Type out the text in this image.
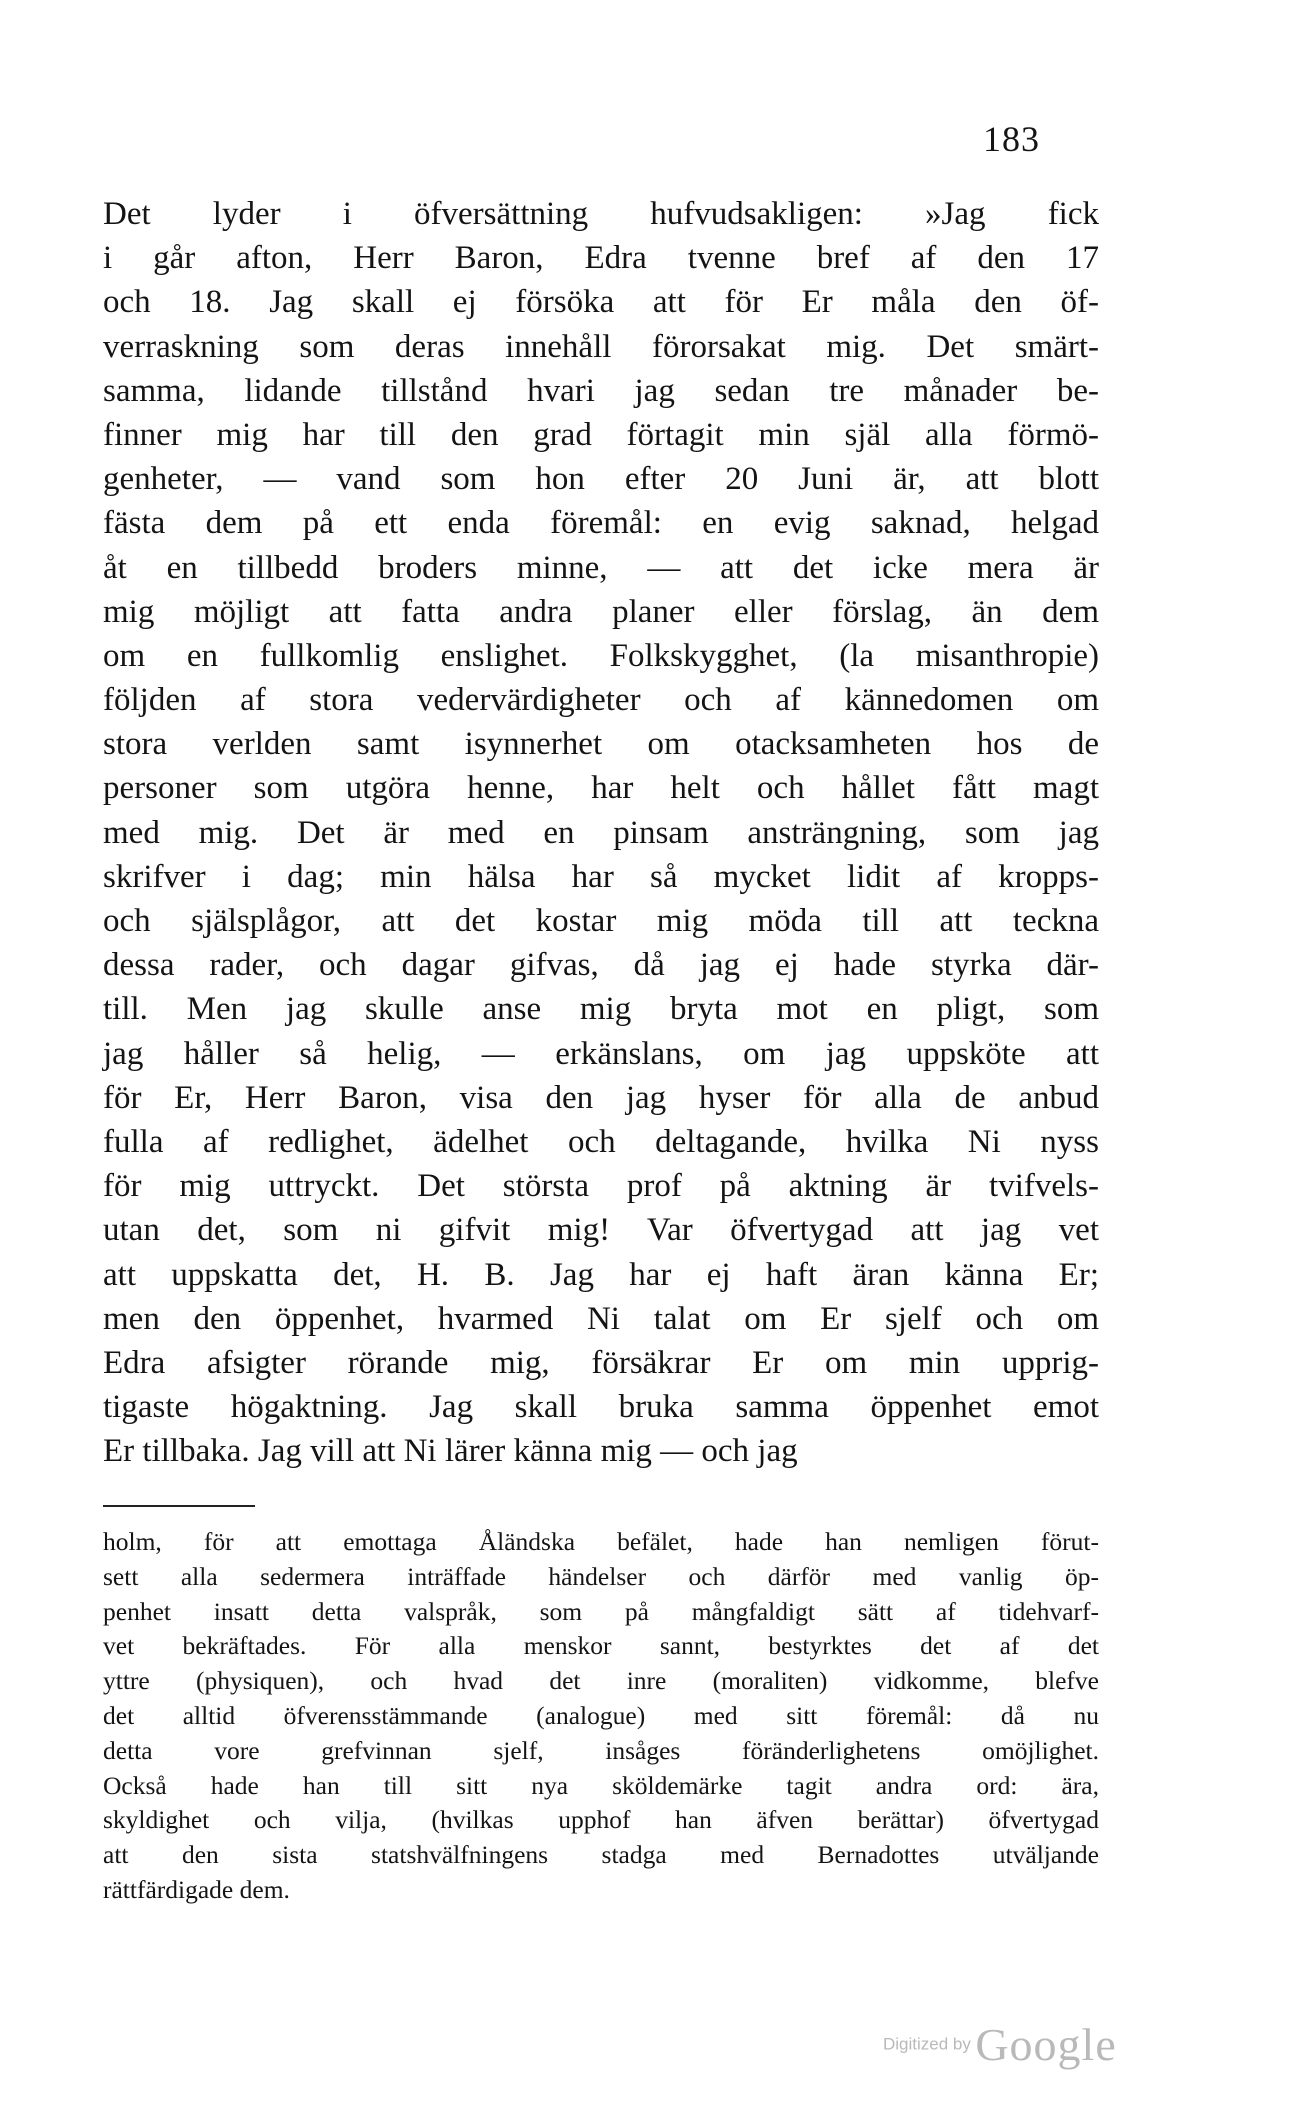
183
Det lyder i öfversättning hufvudsakligen: »Jag fick
i går afton, Herr Baron, Edra tvenne bref af den 17
och 18. Jag skall ej försöka att för Er måla den öf-
verraskning som deras innehåll förorsakat mig. Det smärt-
samma, lidande tillstånd hvari jag sedan tre månader be-
finner mig har till den grad förtagit min själ alla förmö-
genheter, — vand som hon efter 20 Juni är, att blott
fästa dem på ett enda föremål: en evig saknad, helgad
åt en tillbedd broders minne, — att det icke mera är
mig möjligt att fatta andra planer eller förslag, än dem
om en fullkomlig enslighet. Folkskygghet, (la misanthropie)
följden af stora vedervärdigheter och af kännedomen om
stora verlden samt isynnerhet om otacksamheten hos de
personer som utgöra henne, har helt och hållet fått magt
med mig. Det är med en pinsam ansträngning, som jag
skrifver i dag; min hälsa har så mycket lidit af kropps-
och själsplågor, att det kostar mig möda till att teckna
dessa rader, och dagar gifvas, då jag ej hade styrka där-
till. Men jag skulle anse mig bryta mot en pligt, som
jag håller så helig, — erkänslans, om jag uppsköte att
för Er, Herr Baron, visa den jag hyser för alla de anbud
fulla af redlighet, ädelhet och deltagande, hvilka Ni nyss
för mig uttryckt. Det största prof på aktning är tvifvels-
utan det, som ni gifvit mig! Var öfvertygad att jag vet
att uppskatta det, H. B. Jag har ej haft äran känna Er;
men den öppenhet, hvarmed Ni talat om Er sjelf och om
Edra afsigter rörande mig, försäkrar Er om min upprig-
tigaste högaktning. Jag skall bruka samma öppenhet emot
Er tillbaka. Jag vill att Ni lärer känna mig — och jag
holm, för att emottaga Åländska befälet, hade han nemligen förut-
sett alla sedermera inträffade händelser och därför med vanlig öp-
penhet insatt detta valspråk, som på mångfaldigt sätt af tidehvarf-
vet bekräftades. För alla menskor sannt, bestyrktes det af det
yttre (physiquen), och hvad det inre (moraliten) vidkomme, blefve
det alltid öfverensstämmande (analogue) med sitt föremål: då nu
detta vore grefvinnan sjelf, insåges föränderlighetens omöjlighet.
Också hade han till sitt nya sköldemärke tagit andra ord: ära,
skyldighet och vilja, (hvilkas upphof han äfven berättar) öfvertygad
att den sista statshvälfningens stadga med Bernadottes utväljande
rättfärdigade dem.
Digitized by Google
